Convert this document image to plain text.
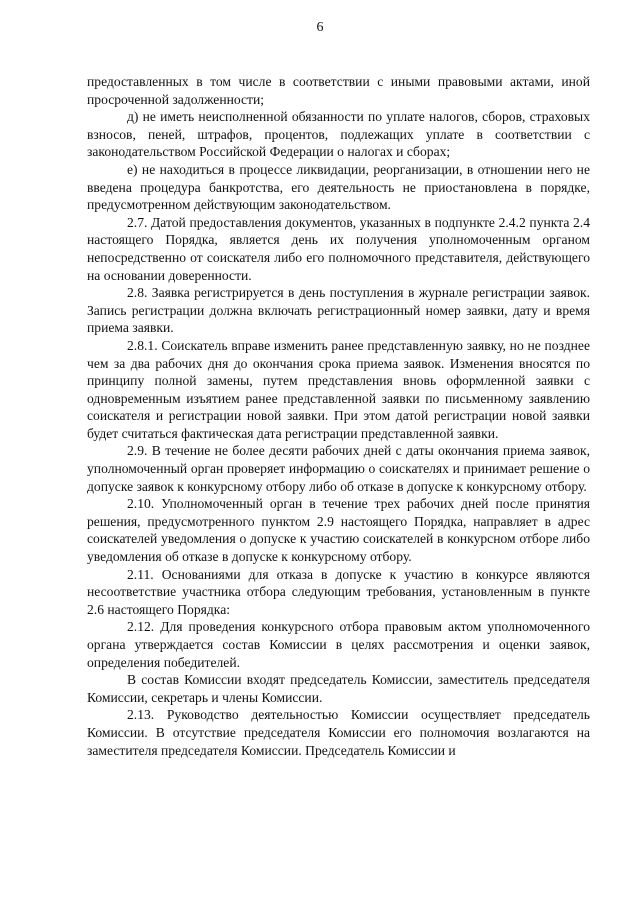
6

предоставленных в том числе в соответствии с иными правовыми актами, иной просроченной задолженности;

д) не иметь неисполненной обязанности по уплате налогов, сборов, страховых взносов, пеней, штрафов, процентов, подлежащих уплате в соответствии с законодательством Российской Федерации о налогах и сборах;

е) не находиться в процессе ликвидации, реорганизации, в отношении него не введена процедура банкротства, его деятельность не приостановлена в порядке, предусмотренном действующим законодательством.

2.7. Датой предоставления документов, указанных в подпункте 2.4.2 пункта 2.4 настоящего Порядка, является день их получения уполномоченным органом непосредственно от соискателя либо его полномочного представителя, действующего на основании доверенности.

2.8. Заявка регистрируется в день поступления в журнале регистрации заявок. Запись регистрации должна включать регистрационный номер заявки, дату и время приема заявки.

2.8.1. Соискатель вправе изменить ранее представленную заявку, но не позднее чем за два рабочих дня до окончания срока приема заявок. Изменения вносятся по принципу полной замены, путем представления вновь оформленной заявки с одновременным изъятием ранее представленной заявки по письменному заявлению соискателя и регистрации новой заявки. При этом датой регистрации новой заявки будет считаться фактическая дата регистрации представленной заявки.

2.9. В течение не более десяти рабочих дней с даты окончания приема заявок, уполномоченный орган проверяет информацию о соискателях и принимает решение о допуске заявок к конкурсному отбору либо об отказе в допуске к конкурсному отбору.

2.10. Уполномоченный орган в течение трех рабочих дней после принятия решения, предусмотренного пунктом 2.9 настоящего Порядка, направляет в адрес соискателей уведомления о допуске к участию соискателей в конкурсном отборе либо уведомления об отказе в допуске к конкурсному отбору.

2.11. Основаниями для отказа в допуске к участию в конкурсе являются несоответствие участника отбора следующим требования, установленным в пункте 2.6 настоящего Порядка:

2.12. Для проведения конкурсного отбора правовым актом уполномоченного органа утверждается состав Комиссии в целях рассмотрения и оценки заявок, определения победителей.

В состав Комиссии входят председатель Комиссии, заместитель председателя Комиссии, секретарь и члены Комиссии.

2.13. Руководство деятельностью Комиссии осуществляет председатель Комиссии. В отсутствие председателя Комиссии его полномочия возлагаются на заместителя председателя Комиссии. Председатель Комиссии и
